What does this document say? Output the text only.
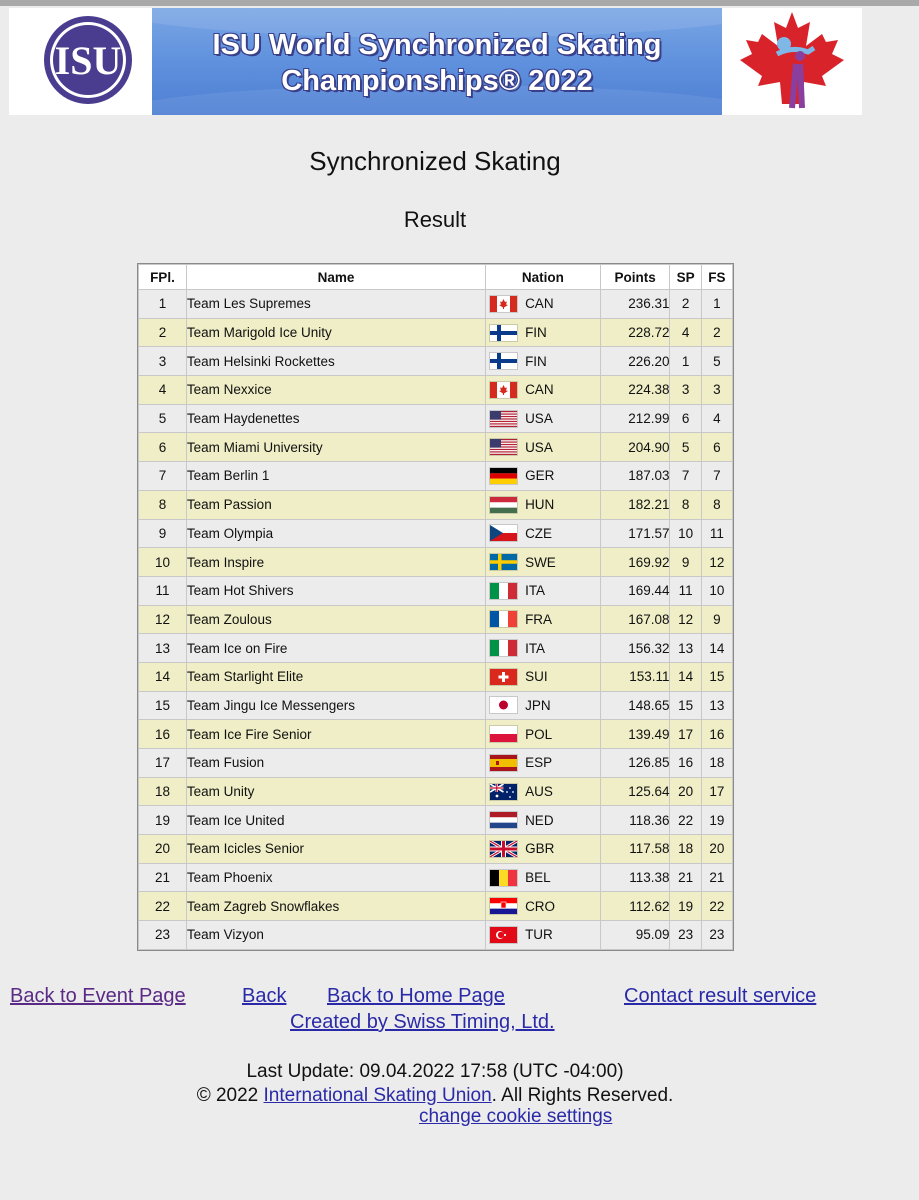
ISU	ISU World Synchronized Skating
Championships® 2022
Synchronized Skating
Result
FPl.	Name	Nation	Points	SP	FS
1	Team Les Supremes	CAN	236.31	2	1
2	Team Marigold Ice Unity	FIN	228.72	4	2
3	Team Helsinki Rockettes	FIN	226.20	1	5
4	Team Nexxice	CAN	224.38	3	3
5	Team Haydenettes	USA	212.99	6	4
6	Team Miami University	USA	204.90	5	6
7	Team Berlin 1	GER	187.03	7	7
8	Team Passion	HUN	182.21	8	8
9	Team Olympia	CZE	171.57	10	11
10	Team Inspire	SWE	169.92	9	12
11	Team Hot Shivers	ITA	169.44	11	10
12	Team Zoulous	FRA	167.08	12	9
13	Team Ice on Fire	ITA	156.32	13	14
14	Team Starlight Elite	SUI	153.11	14	15
15	Team Jingu Ice Messengers	JPN	148.65	15	13
16	Team Ice Fire Senior	POL	139.49	17	16
17	Team Fusion	ESP	126.85	16	18
18	Team Unity	AUS	125.64	20	17
19	Team Ice United	NED	118.36	22	19
20	Team Icicles Senior	GBR	117.58	18	20
21	Team Phoenix	BEL	113.38	21	21
22	Team Zagreb Snowflakes	CRO	112.62	19	22
23	Team Vizyon	TUR	95.09	23	23
Back to Event Page	Back Back to Home Page	Contact result service
Created by Swiss Timing, Ltd.
Last Update: 09.04.2022 17:58 (UTC -04:00)
© 2022 International Skating Union. All Rights Reserved.
change cookie settings
